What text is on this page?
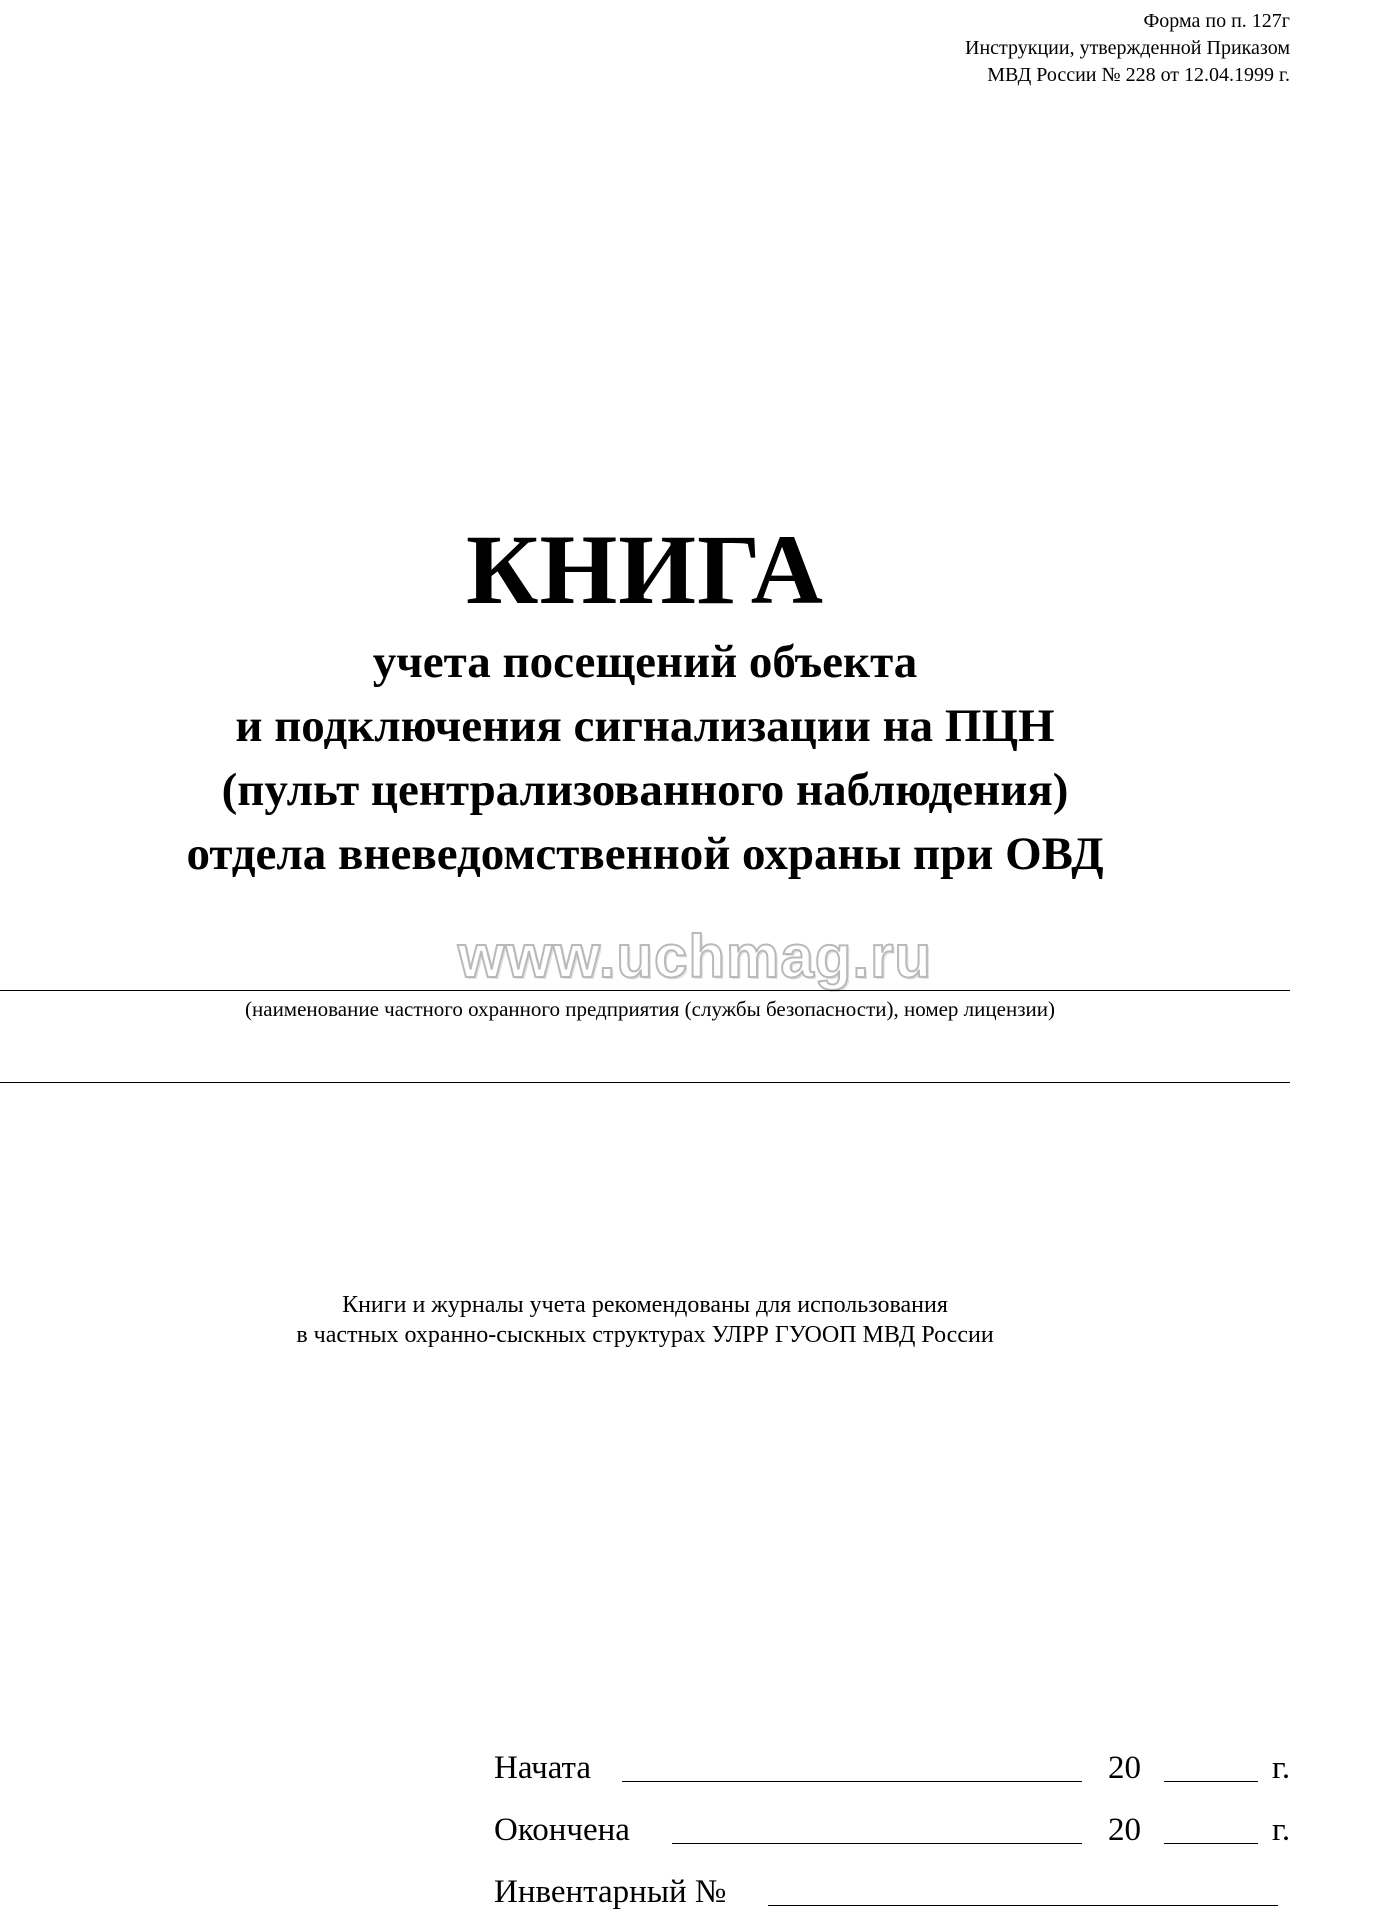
Форма по п. 127г
Инструкции, утвержденной Приказом
МВД России № 228 от 12.04.1999 г.
КНИГА
учета посещений объекта
и подключения сигнализации на ПЦН
(пульт централизованного наблюдения)
отдела вневедомственной охраны при ОВД
www.uchmag.ru
(наименование частного охранного предприятия (службы безопасности), номер лицензии)
Книги и журналы учета рекомендованы для использования
в частных охранно-сыскных структурах УЛРР ГУООП МВД России
Начата	20	г.
Окончена	20	г.
Инвентарный №
